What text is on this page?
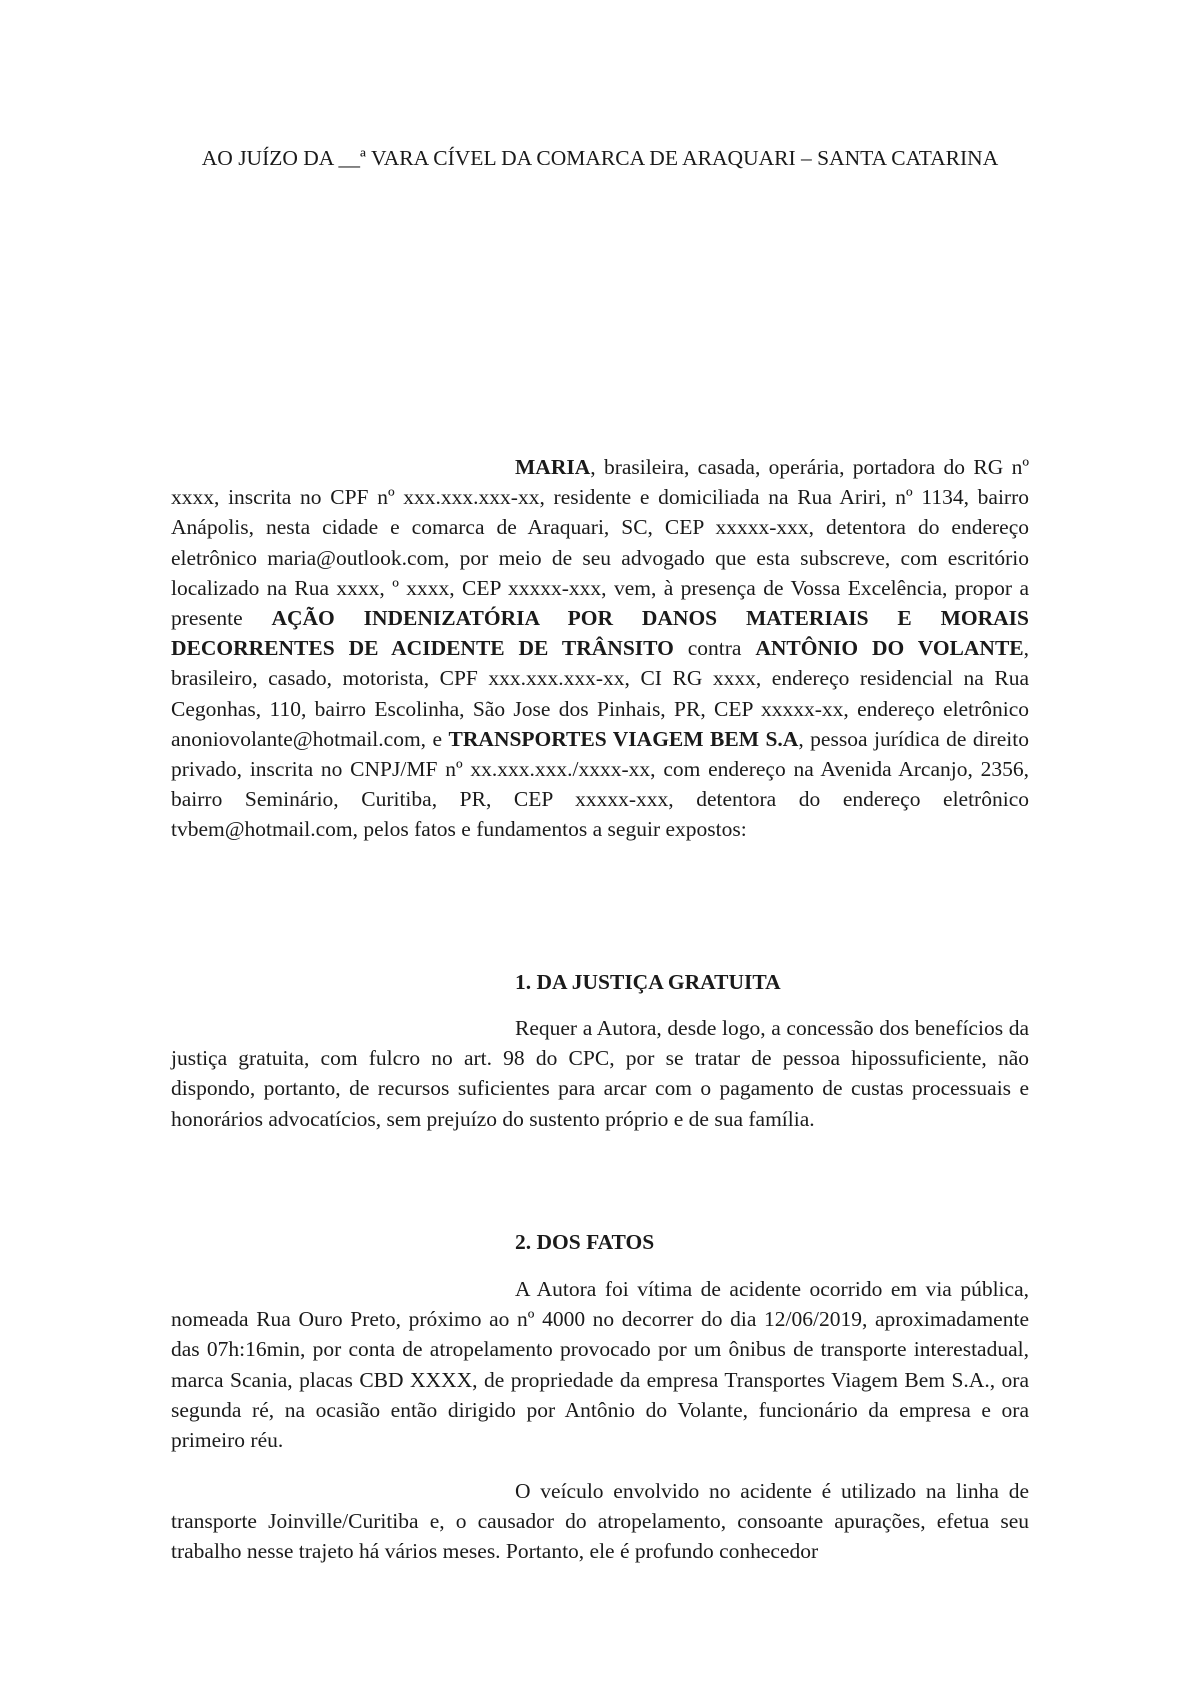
AO JUÍZO DA __ª VARA CÍVEL DA COMARCA DE ARAQUARI – SANTA CATARINA

MARIA, brasileira, casada, operária, portadora do RG nº xxxx, inscrita no CPF nº xxx.xxx.xxx-xx, residente e domiciliada na Rua Ariri, nº 1134, bairro Anápolis, nesta cidade e comarca de Araquari, SC, CEP xxxxx-xxx, detentora do endereço eletrônico maria@outlook.com, por meio de seu advogado que esta subscreve, com escritório localizado na Rua xxxx, º xxxx, CEP xxxxx-xxx, vem, à presença de Vossa Excelência, propor a presente AÇÃO INDENIZATÓRIA POR DANOS MATERIAIS E MORAIS DECORRENTES DE ACIDENTE DE TRÂNSITO contra ANTÔNIO DO VOLANTE, brasileiro, casado, motorista, CPF xxx.xxx.xxx-xx, CI RG xxxx, endereço residencial na Rua Cegonhas, 110, bairro Escolinha, São Jose dos Pinhais, PR, CEP xxxxx-xx, endereço eletrônico anoniovolante@hotmail.com, e TRANSPORTES VIAGEM BEM S.A, pessoa jurídica de direito privado, inscrita no CNPJ/MF nº xx.xxx.xxx./xxxx-xx, com endereço na Avenida Arcanjo, 2356, bairro Seminário, Curitiba, PR, CEP xxxxx-xxx, detentora do endereço eletrônico tvbem@hotmail.com, pelos fatos e fundamentos a seguir expostos:

1. DA JUSTIÇA GRATUITA

Requer a Autora, desde logo, a concessão dos benefícios da justiça gratuita, com fulcro no art. 98 do CPC, por se tratar de pessoa hipossuficiente, não dispondo, portanto, de recursos suficientes para arcar com o pagamento de custas processuais e honorários advocatícios, sem prejuízo do sustento próprio e de sua família.

2. DOS FATOS

A Autora foi vítima de acidente ocorrido em via pública, nomeada Rua Ouro Preto, próximo ao nº 4000 no decorrer do dia 12/06/2019, aproximadamente das 07h:16min, por conta de atropelamento provocado por um ônibus de transporte interestadual, marca Scania, placas CBD XXXX, de propriedade da empresa Transportes Viagem Bem S.A., ora segunda ré, na ocasião então dirigido por Antônio do Volante, funcionário da empresa e ora primeiro réu.

O veículo envolvido no acidente é utilizado na linha de transporte Joinville/Curitiba e, o causador do atropelamento, consoante apurações, efetua seu trabalho nesse trajeto há vários meses. Portanto, ele é profundo conhecedor
